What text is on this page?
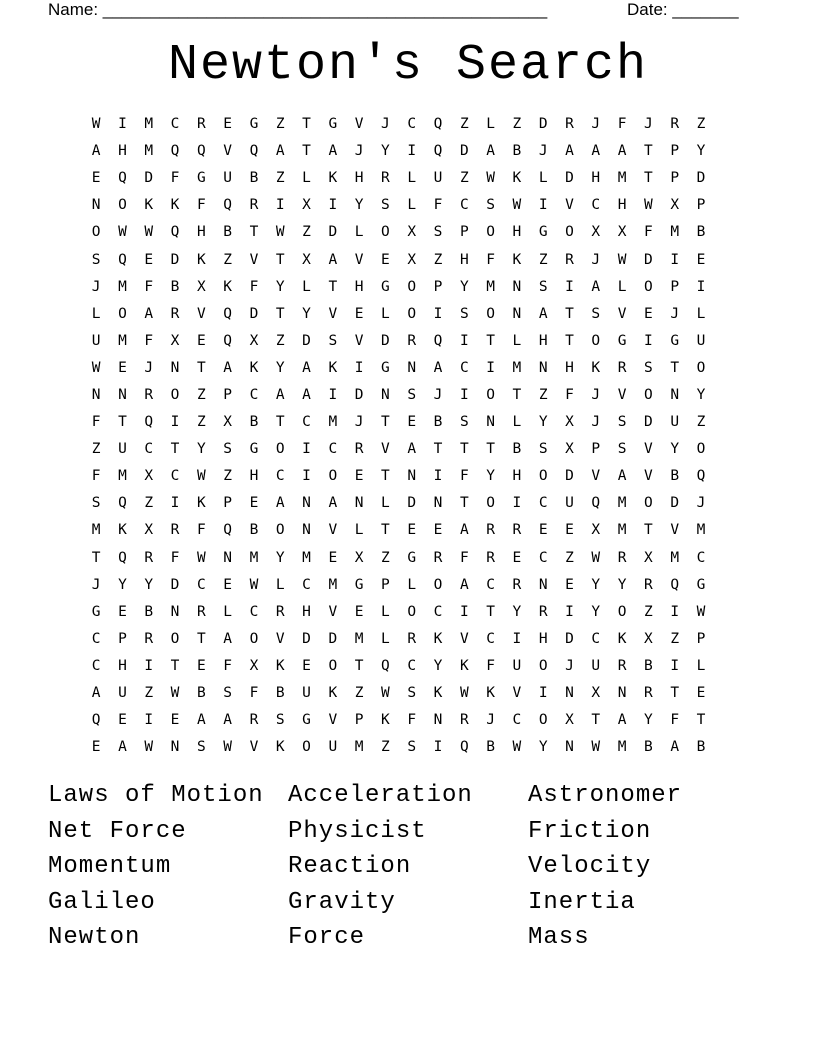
Name: _______________________________________________	Date: _______
Newton's Search
W	I	M	C	R	E	G	Z	T	G	V	J	C	Q	Z	L	Z	D	R	J	F	J	R	Z
A	H	M	Q	Q	V	Q	A	T	A	J	Y	I	Q	D	A	B	J	A	A	A	T	P	Y
E	Q	D	F	G	U	B	Z	L	K	H	R	L	U	Z	W	K	L	D	H	M	T	P	D
N	O	K	K	F	Q	R	I	X	I	Y	S	L	F	C	S	W	I	V	C	H	W	X	P
O	W	W	Q	H	B	T	W	Z	D	L	O	X	S	P	O	H	G	O	X	X	F	M	B
S	Q	E	D	K	Z	V	T	X	A	V	E	X	Z	H	F	K	Z	R	J	W	D	I	E
J	M	F	B	X	K	F	Y	L	T	H	G	O	P	Y	M	N	S	I	A	L	O	P	I
L	O	A	R	V	Q	D	T	Y	V	E	L	O	I	S	O	N	A	T	S	V	E	J	L
U	M	F	X	E	Q	X	Z	D	S	V	D	R	Q	I	T	L	H	T	O	G	I	G	U
W	E	J	N	T	A	K	Y	A	K	I	G	N	A	C	I	M	N	H	K	R	S	T	O
N	N	R	O	Z	P	C	A	A	I	D	N	S	J	I	O	T	Z	F	J	V	O	N	Y
F	T	Q	I	Z	X	B	T	C	M	J	T	E	B	S	N	L	Y	X	J	S	D	U	Z
Z	U	C	T	Y	S	G	O	I	C	R	V	A	T	T	T	B	S	X	P	S	V	Y	O
F	M	X	C	W	Z	H	C	I	O	E	T	N	I	F	Y	H	O	D	V	A	V	B	Q
S	Q	Z	I	K	P	E	A	N	A	N	L	D	N	T	O	I	C	U	Q	M	O	D	J
M	K	X	R	F	Q	B	O	N	V	L	T	E	E	A	R	R	E	E	X	M	T	V	M
T	Q	R	F	W	N	M	Y	M	E	X	Z	G	R	F	R	E	C	Z	W	R	X	M	C
J	Y	Y	D	C	E	W	L	C	M	G	P	L	O	A	C	R	N	E	Y	Y	R	Q	G
G	E	B	N	R	L	C	R	H	V	E	L	O	C	I	T	Y	R	I	Y	O	Z	I	W
C	P	R	O	T	A	O	V	D	D	M	L	R	K	V	C	I	H	D	C	K	X	Z	P
C	H	I	T	E	F	X	K	E	O	T	Q	C	Y	K	F	U	O	J	U	R	B	I	L
A	U	Z	W	B	S	F	B	U	K	Z	W	S	K	W	K	V	I	N	X	N	R	T	E
Q	E	I	E	A	A	R	S	G	V	P	K	F	N	R	J	C	O	X	T	A	Y	F	T
E	A	W	N	S	W	V	K	O	U	M	Z	S	I	Q	B	W	Y	N	W	M	B	A	B
Laws of Motion	Acceleration	Astronomer
Net Force	Physicist	Friction
Momentum	Reaction	Velocity
Galileo	Gravity	Inertia
Newton	Force	Mass
